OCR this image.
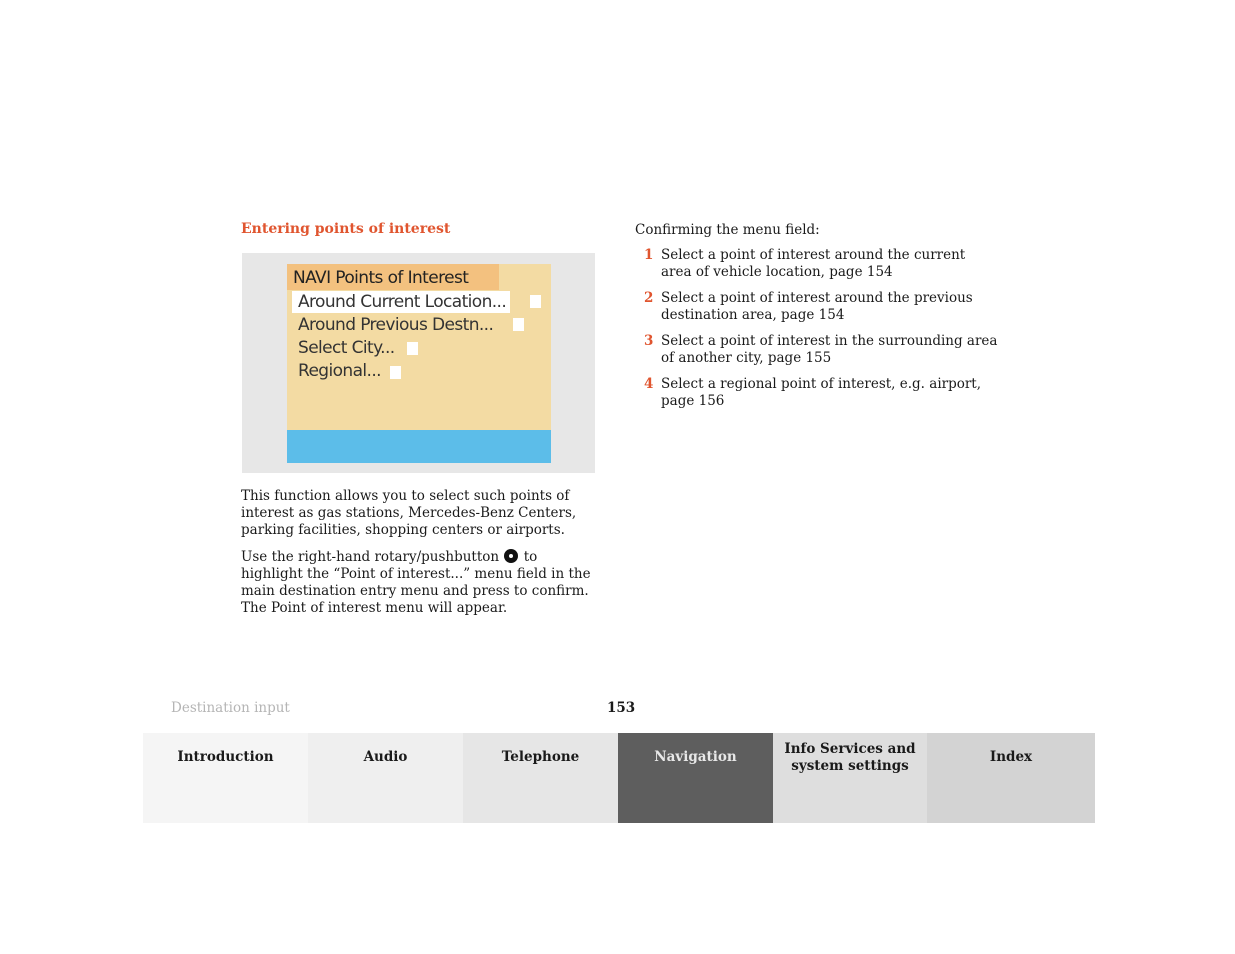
Entering points of interest
NAVI Points of Interest
Around Current Location...
Around Previous Destn...
Select City...
Regional...

This function allows you to select such points of interest as gas stations, Mercedes-Benz Centers, parking facilities, shopping centers or airports.

Use the right-hand rotary/pushbutton to highlight the “Point of interest...” menu field in the main destination entry menu and press to confirm.
The Point of interest menu will appear.

Confirming the menu field:

1 Select a point of interest around the current area of vehicle location, page 154
2 Select a point of interest around the previous destination area, page 154
3 Select a point of interest in the surrounding area of another city, page 155
4 Select a regional point of interest, e.g. airport, page 156
Destination input	153
Introduction	Audio	Telephone	Navigation	Info Services and
system settings
Index
